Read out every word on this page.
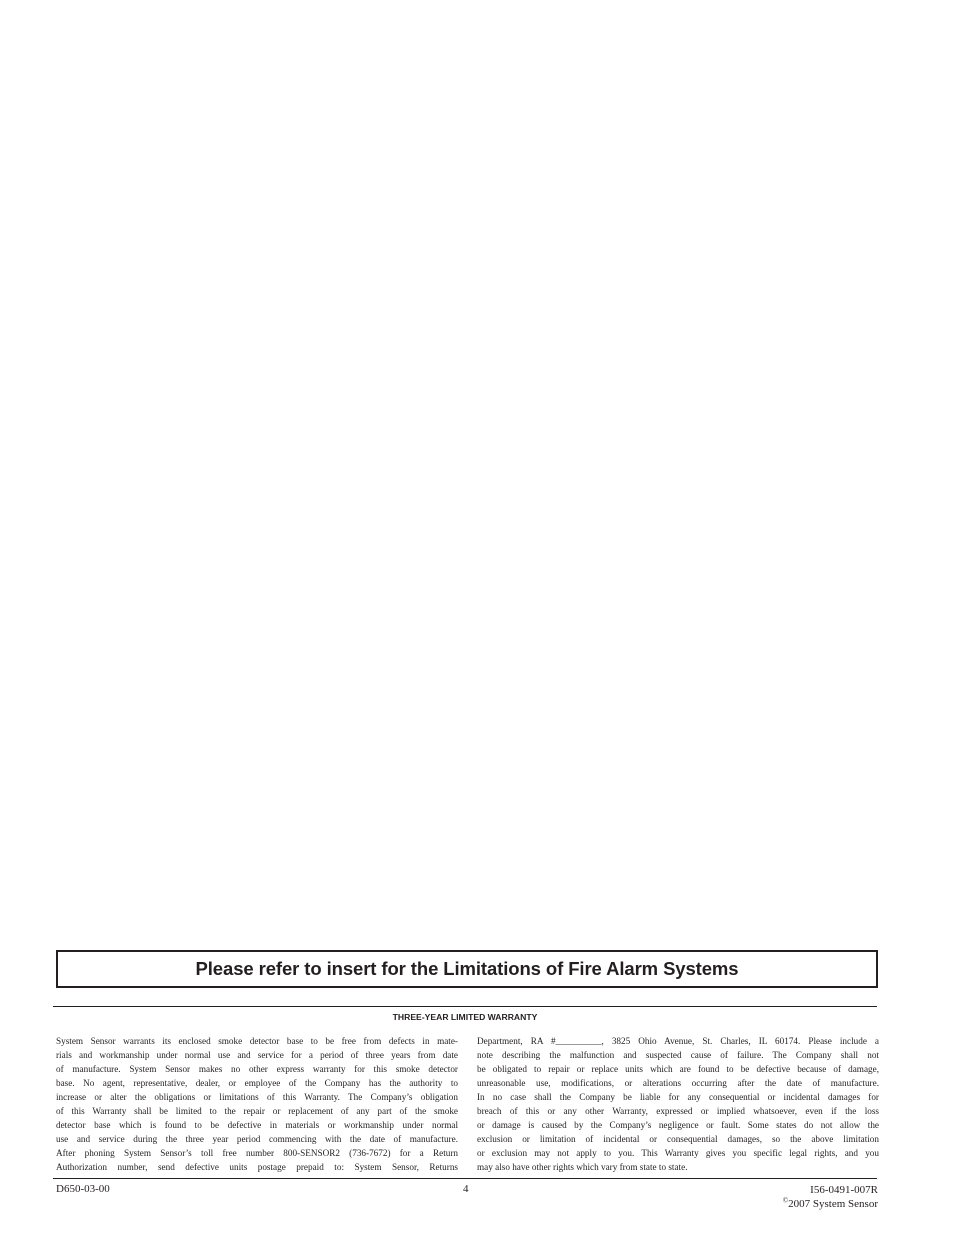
Please refer to insert for the Limitations of Fire Alarm Systems
THREE-YEAR LIMITED WARRANTY
System Sensor warrants its enclosed smoke detector base to be free from defects in mate-
rials and workmanship under normal use and service for a period of three years from date
of manufacture. System Sensor makes no other express warranty for this smoke detector
base. No agent, representative, dealer, or employee of the Company has the authority to
increase or alter the obligations or limitations of this Warranty. The Company’s obligation
of this Warranty shall be limited to the repair or replacement of any part of the smoke
detector base which is found to be defective in materials or workmanship under normal
use and service during the three year period commencing with the date of manufacture.
After phoning System Sensor’s toll free number 800-SENSOR2 (736-7672) for a Return
Authorization number, send defective units postage prepaid to: System Sensor, Returns
Department, RA #__________, 3825 Ohio Avenue, St. Charles, IL 60174. Please include a
note describing the malfunction and suspected cause of failure. The Company shall not
be obligated to repair or replace units which are found to be defective because of damage,
unreasonable use, modifications, or alterations occurring after the date of manufacture.
In no case shall the Company be liable for any consequential or incidental damages for
breach of this or any other Warranty, expressed or implied whatsoever, even if the loss
or damage is caused by the Company’s negligence or fault. Some states do not allow the
exclusion or limitation of incidental or consequential damages, so the above limitation
or exclusion may not apply to you. This Warranty gives you specific legal rights, and you
may also have other rights which vary from state to state.
D650-03-00	4	I56-0491-007R
©2007 System Sensor
